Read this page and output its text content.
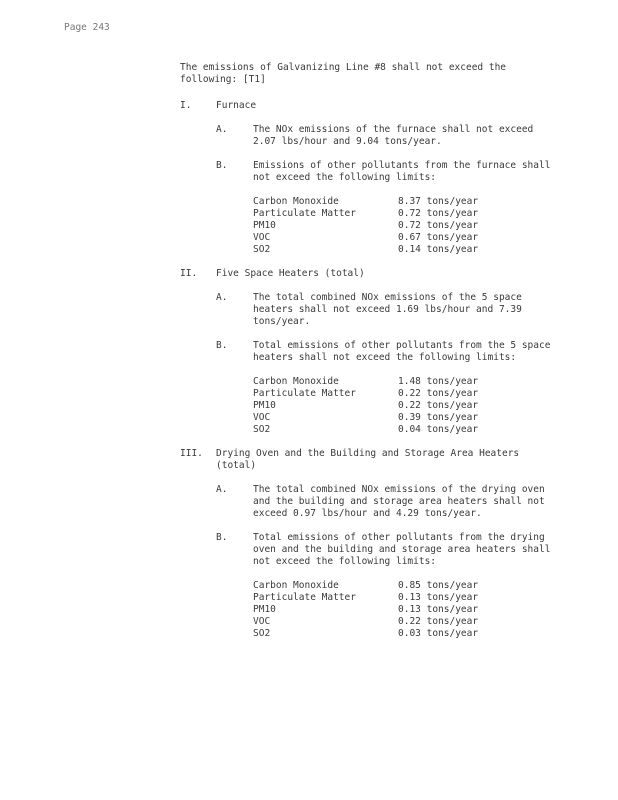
Page 243
The emissions of Galvanizing Line #8 shall not exceed the following: [T1]
I.	Furnace
A.	The NOx emissions of the furnace shall not exceed 2.07 lbs/hour and 9.04 tons/year.
B.	Emissions of other pollutants from the furnace shall not exceed the following limits:
Carbon Monoxide	8.37 tons/year
Particulate Matter	0.72 tons/year
PM10	0.72 tons/year
VOC	0.67 tons/year
SO2	0.14 tons/year
II. Five Space Heaters (total)
A.	The total combined NOx emissions of the 5 space heaters shall not exceed 1.69 lbs/hour and 7.39 tons/year.
B.	Total emissions of other pollutants from the 5 space heaters shall not exceed the following limits:
Carbon Monoxide	1.48 tons/year
Particulate Matter	0.22 tons/year
PM10	0.22 tons/year
VOC	0.39 tons/year
SO2	0.04 tons/year
III. Drying Oven and the Building and Storage Area Heaters (total)
A.	The total combined NOx emissions of the drying oven and the building and storage area heaters shall not exceed 0.97 lbs/hour and 4.29 tons/year.
B.	Total emissions of other pollutants from the drying oven and the building and storage area heaters shall not exceed the following limits:
Carbon Monoxide	0.85 tons/year
Particulate Matter	0.13 tons/year
PM10	0.13 tons/year
VOC	0.22 tons/year
SO2	0.03 tons/year
